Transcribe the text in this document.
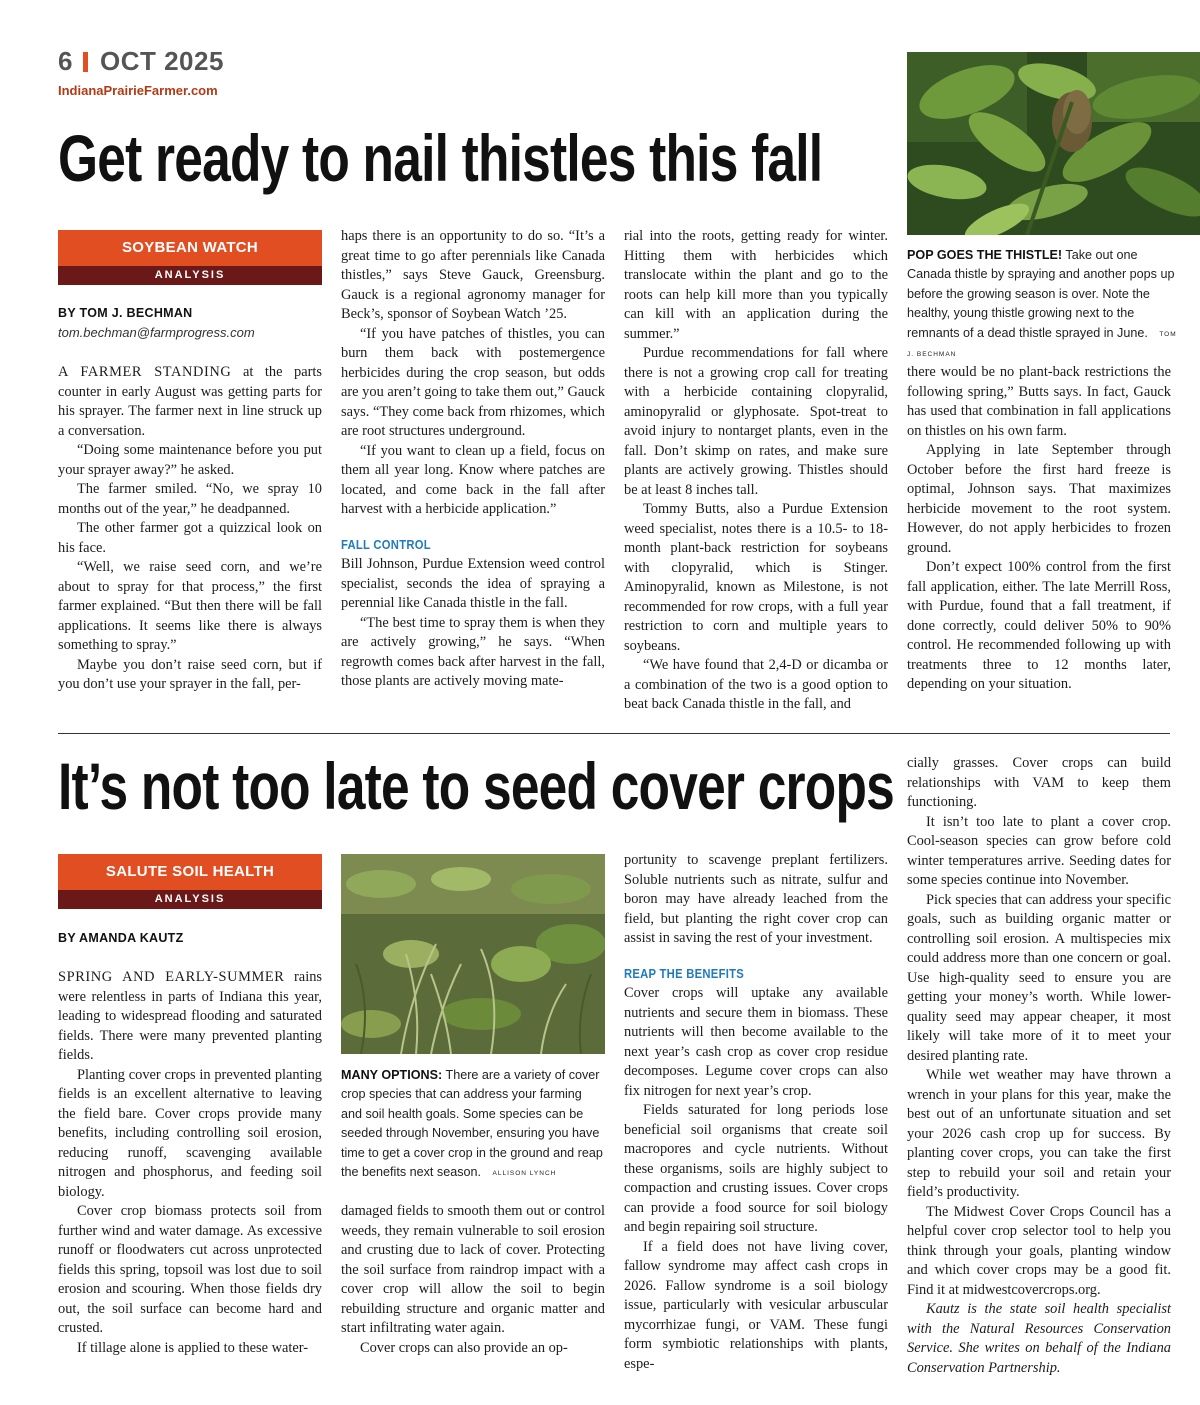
6 OCT 2025
IndianaPrairieFarmer.com
Get ready to nail thistles this fall
POP GOES THE THISTLE! Take out one Canada thistle by spraying and another pops up before the growing season is over. Note the healthy, young thistle growing next to the remnants of a dead thistle sprayed in June. TOM J. BECHMAN
SOYBEAN WATCH
ANALYSIS
BY TOM J. BECHMAN
tom.bechman@farmprogress.com

A FARMER STANDING at the parts counter in early August was getting parts for his sprayer. The farmer next in line struck up a conversation.

“Doing some maintenance before you put your sprayer away?” he asked.

The farmer smiled. “No, we spray 10 months out of the year,” he deadpanned.

The other farmer got a quizzical look on his face.

“Well, we raise seed corn, and we’re about to spray for that process,” the first farmer explained. “But then there will be fall applications. It seems like there is always something to spray.”

Maybe you don’t raise seed corn, but if you don’t use your sprayer in the fall, per-

haps there is an opportunity to do so. “It’s a great time to go after perennials like Canada thistles,” says Steve Gauck, Greensburg. Gauck is a regional agronomy manager for Beck’s, sponsor of Soybean Watch ’25.

“If you have patches of thistles, you can burn them back with postemergence herbicides during the crop season, but odds are you aren’t going to take them out,” Gauck says. “They come back from rhizomes, which are root structures underground.

“If you want to clean up a field, focus on them all year long. Know where patches are located, and come back in the fall after harvest with a herbicide application.”

FALL CONTROL

Bill Johnson, Purdue Extension weed control specialist, seconds the idea of spraying a perennial like Canada thistle in the fall.

“The best time to spray them is when they are actively growing,” he says. “When regrowth comes back after harvest in the fall, those plants are actively moving mate-

rial into the roots, getting ready for winter. Hitting them with herbicides which translocate within the plant and go to the roots can help kill more than you typically can kill with an application during the summer.”

Purdue recommendations for fall where there is not a growing crop call for treating with a herbicide containing clopyralid, aminopyralid or glyphosate. Spot-treat to avoid injury to nontarget plants, even in the fall. Don’t skimp on rates, and make sure plants are actively growing. Thistles should be at least 8 inches tall.

Tommy Butts, also a Purdue Extension weed specialist, notes there is a 10.5- to 18-month plant-back restriction for soybeans with clopyralid, which is Stinger. Aminopyralid, known as Milestone, is not recommended for row crops, with a full year restriction to corn and multiple years to soybeans.

“We have found that 2,4-D or dicamba or a combination of the two is a good option to beat back Canada thistle in the fall, and

there would be no plant-back restrictions the following spring,” Butts says. In fact, Gauck has used that combination in fall applications on thistles on his own farm.

Applying in late September through October before the first hard freeze is optimal, Johnson says. That maximizes herbicide movement to the root system. However, do not apply herbicides to frozen ground.

Don’t expect 100% control from the first fall application, either. The late Merrill Ross, with Purdue, found that a fall treatment, if done correctly, could deliver 50% to 90% control. He recommended following up with treatments three to 12 months later, depending on your situation.

It’s not too late to seed cover crops
SALUTE SOIL HEALTH
ANALYSIS
BY AMANDA KAUTZ

SPRING AND EARLY-SUMMER rains were relentless in parts of Indiana this year, leading to widespread flooding and saturated fields. There were many prevented planting fields.

Planting cover crops in prevented planting fields is an excellent alternative to leaving the field bare. Cover crops provide many benefits, including controlling soil erosion, reducing runoff, scavenging available nitrogen and phosphorus, and feeding soil biology.

Cover crop biomass protects soil from further wind and water damage. As excessive runoff or floodwaters cut across unprotected fields this spring, topsoil was lost due to soil erosion and scouring. When those fields dry out, the soil surface can become hard and crusted.

If tillage alone is applied to these water-

MANY OPTIONS: There are a variety of cover crop species that can address your farming and soil health goals. Some species can be seeded through November, ensuring you have time to get a cover crop in the ground and reap the benefits next season. ALLISON LYNCH

damaged fields to smooth them out or control weeds, they remain vulnerable to soil erosion and crusting due to lack of cover. Protecting the soil surface from raindrop impact with a cover crop will allow the soil to begin rebuilding structure and organic matter and start infiltrating water again.

Cover crops can also provide an op-

portunity to scavenge preplant fertilizers. Soluble nutrients such as nitrate, sulfur and boron may have already leached from the field, but planting the right cover crop can assist in saving the rest of your investment.

REAP THE BENEFITS

Cover crops will uptake any available nutrients and secure them in biomass. These nutrients will then become available to the next year’s cash crop as cover crop residue decomposes. Legume cover crops can also fix nitrogen for next year’s crop.

Fields saturated for long periods lose beneficial soil organisms that create soil macropores and cycle nutrients. Without these organisms, soils are highly subject to compaction and crusting issues. Cover crops can provide a food source for soil biology and begin repairing soil structure.

If a field does not have living cover, fallow syndrome may affect cash crops in 2026. Fallow syndrome is a soil biology issue, particularly with vesicular arbuscular mycorrhizae fungi, or VAM. These fungi form symbiotic relationships with plants, espe-

cially grasses. Cover crops can build relationships with VAM to keep them functioning.

It isn’t too late to plant a cover crop. Cool-season species can grow before cold winter temperatures arrive. Seeding dates for some species continue into November.

Pick species that can address your specific goals, such as building organic matter or controlling soil erosion. A multispecies mix could address more than one concern or goal. Use high-quality seed to ensure you are getting your money’s worth. While lower-quality seed may appear cheaper, it most likely will take more of it to meet your desired planting rate.

While wet weather may have thrown a wrench in your plans for this year, make the best out of an unfortunate situation and set your 2026 cash crop up for success. By planting cover crops, you can take the first step to rebuild your soil and retain your field’s productivity.

The Midwest Cover Crops Council has a helpful cover crop selector tool to help you think through your goals, planting window and which cover crops may be a good fit. Find it at midwestcovercrops.org.

Kautz is the state soil health specialist with the Natural Resources Conservation Service. She writes on behalf of the Indiana Conservation Partnership.
